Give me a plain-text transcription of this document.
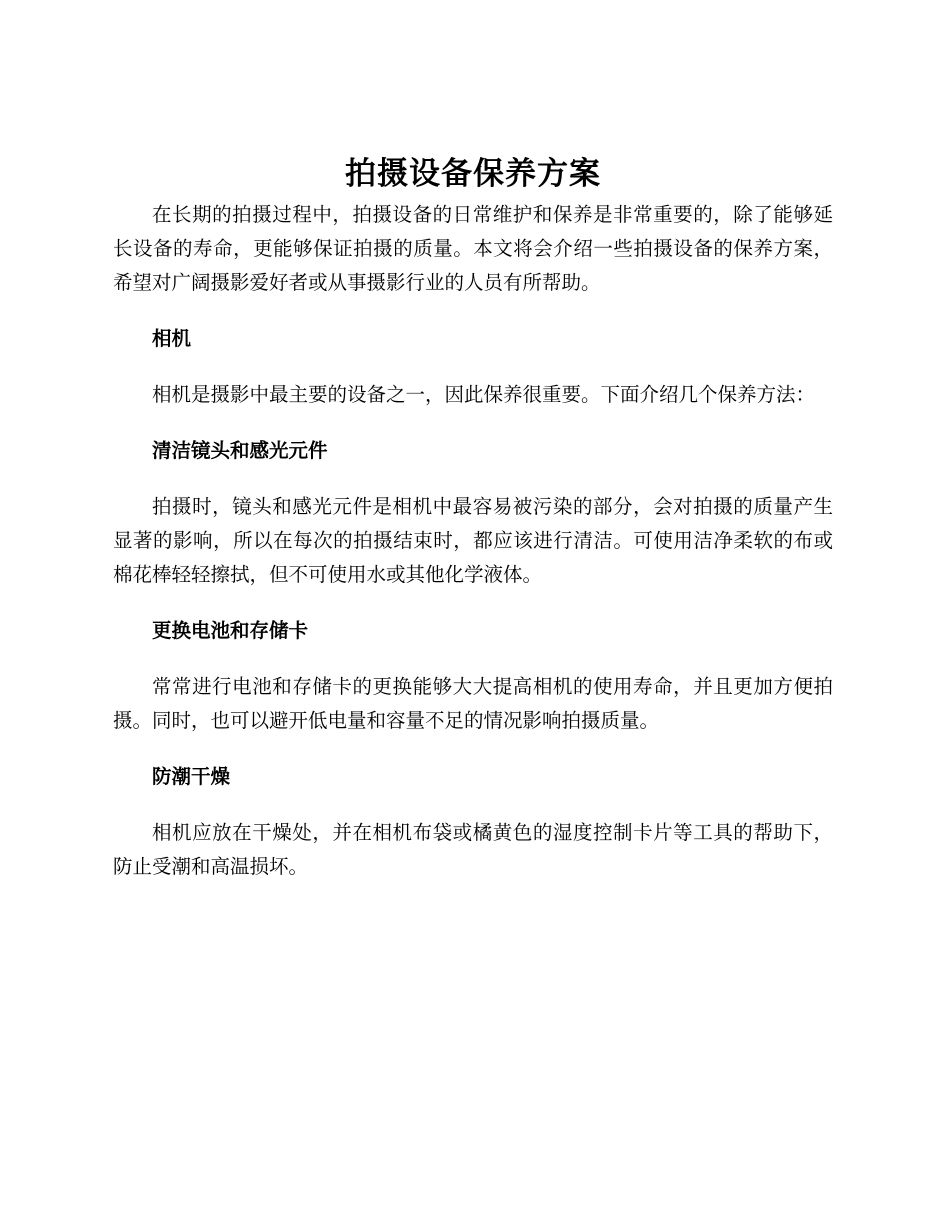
拍摄设备保养方案

在长期的拍摄过程中，拍摄设备的日常维护和保养是非常重要的，除了能够延长设备的寿命，更能够保证拍摄的质量。本文将会介绍一些拍摄设备的保养方案，希望对广阔摄影爱好者或从事摄影行业的人员有所帮助。

相机

相机是摄影中最主要的设备之一，因此保养很重要。下面介绍几个保养方法：

清洁镜头和感光元件

拍摄时，镜头和感光元件是相机中最容易被污染的部分，会对拍摄的质量产生显著的影响，所以在每次的拍摄结束时，都应该进行清洁。可使用洁净柔软的布或棉花棒轻轻擦拭，但不可使用水或其他化学液体。

更换电池和存储卡

常常进行电池和存储卡的更换能够大大提高相机的使用寿命，并且更加方便拍摄。同时，也可以避开低电量和容量不足的情况影响拍摄质量。

防潮干燥

相机应放在干燥处，并在相机布袋或橘黄色的湿度控制卡片等工具的帮助下，防止受潮和高温损坏。
